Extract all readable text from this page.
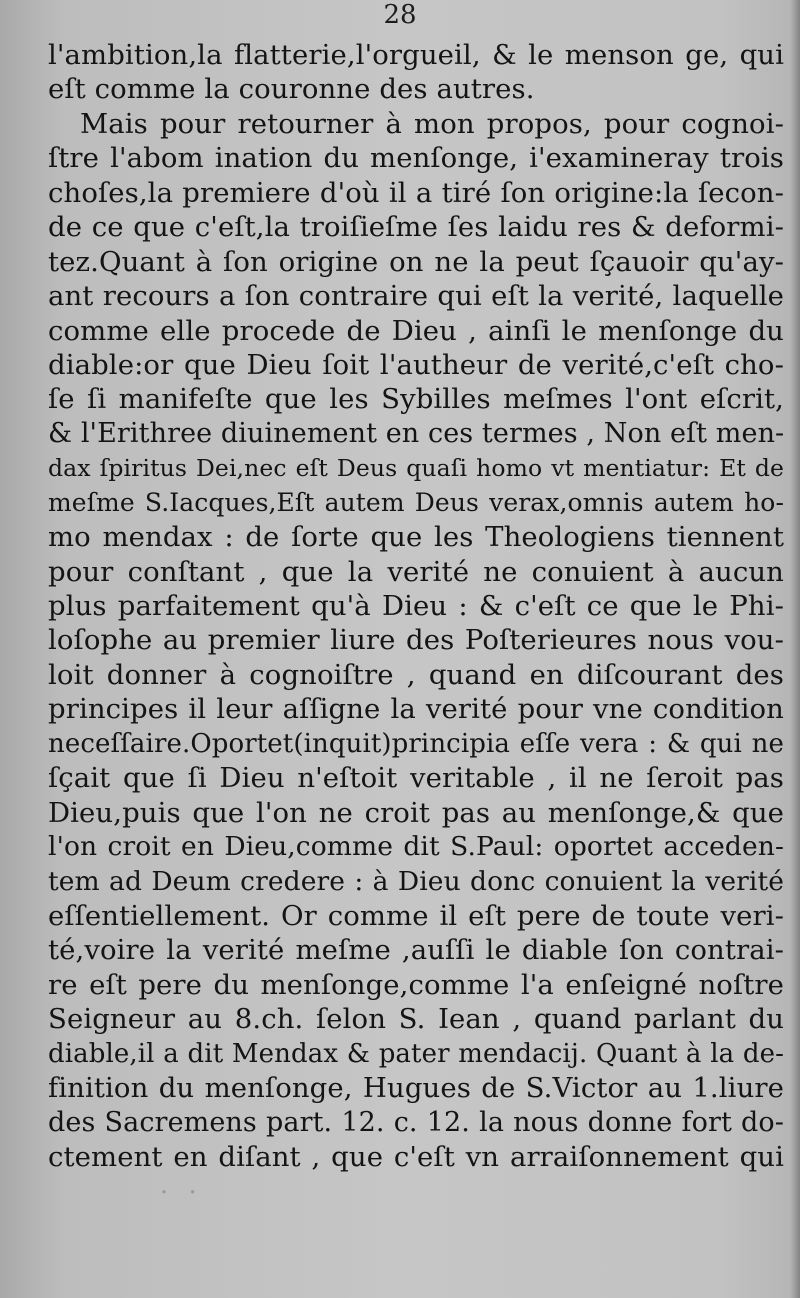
28
l'ambition,la flatterie,l'orgueil, & le menson ge, qui
eſt comme la couronne des autres.
Mais pour retourner à mon propos, pour cognoi-
ſtre l'abom ination du menſonge, i'examineray trois
choſes,la premiere d'où il a tiré ſon origine:la ſecon-
de ce que c'eſt,la troiſieſme ſes laidu res & deformi-
tez.Quant à ſon origine on ne la peut ſçauoir qu'ay-
ant recours a ſon contraire qui eſt la verité, laquelle
comme elle procede de Dieu , ainſi le menſonge du
diable:or que Dieu ſoit l'autheur de verité,c'eſt cho-
ſe ſi manifeſte que les Sybilles meſmes l'ont eſcrit,
& l'Erithree diuinement en ces termes , Non eſt men-
dax ſpiritus Dei,nec eſt Deus quaſi homo vt mentiatur: Et de
meſme S.Iacques,Eſt autem Deus verax,omnis autem ho-
mo mendax : de ſorte que les Theologiens tiennent
pour conſtant , que la verité ne conuient à aucun
plus parfaitement qu'à Dieu : & c'eſt ce que le Phi-
loſophe au premier liure des Poſterieures nous vou-
loit donner à cognoiſtre , quand en diſcourant des
principes il leur aſſigne la verité pour vne condition
neceſſaire.Oportet(inquit)principia eſſe vera : & qui ne
ſçait que ſi Dieu n'eſtoit veritable , il ne ſeroit pas
Dieu,puis que l'on ne croit pas au menſonge,& que
l'on croit en Dieu,comme dit S.Paul: oportet acceden-
tem ad Deum credere : à Dieu donc conuient la verité
eſſentiellement. Or comme il eſt pere de toute veri-
té,voire la verité meſme ,auſſi le diable ſon contrai-
re eſt pere du menſonge,comme l'a enſeigné noſtre
Seigneur au 8.ch. ſelon S. Iean , quand parlant du
diable,il a dit Mendax & pater mendacij. Quant à la de-
finition du menſonge, Hugues de S.Victor au 1.liure
des Sacremens part. 12. c. 12. la nous donne fort do-
ctement en diſant , que c'eſt vn arraiſonnement qui
· ·
